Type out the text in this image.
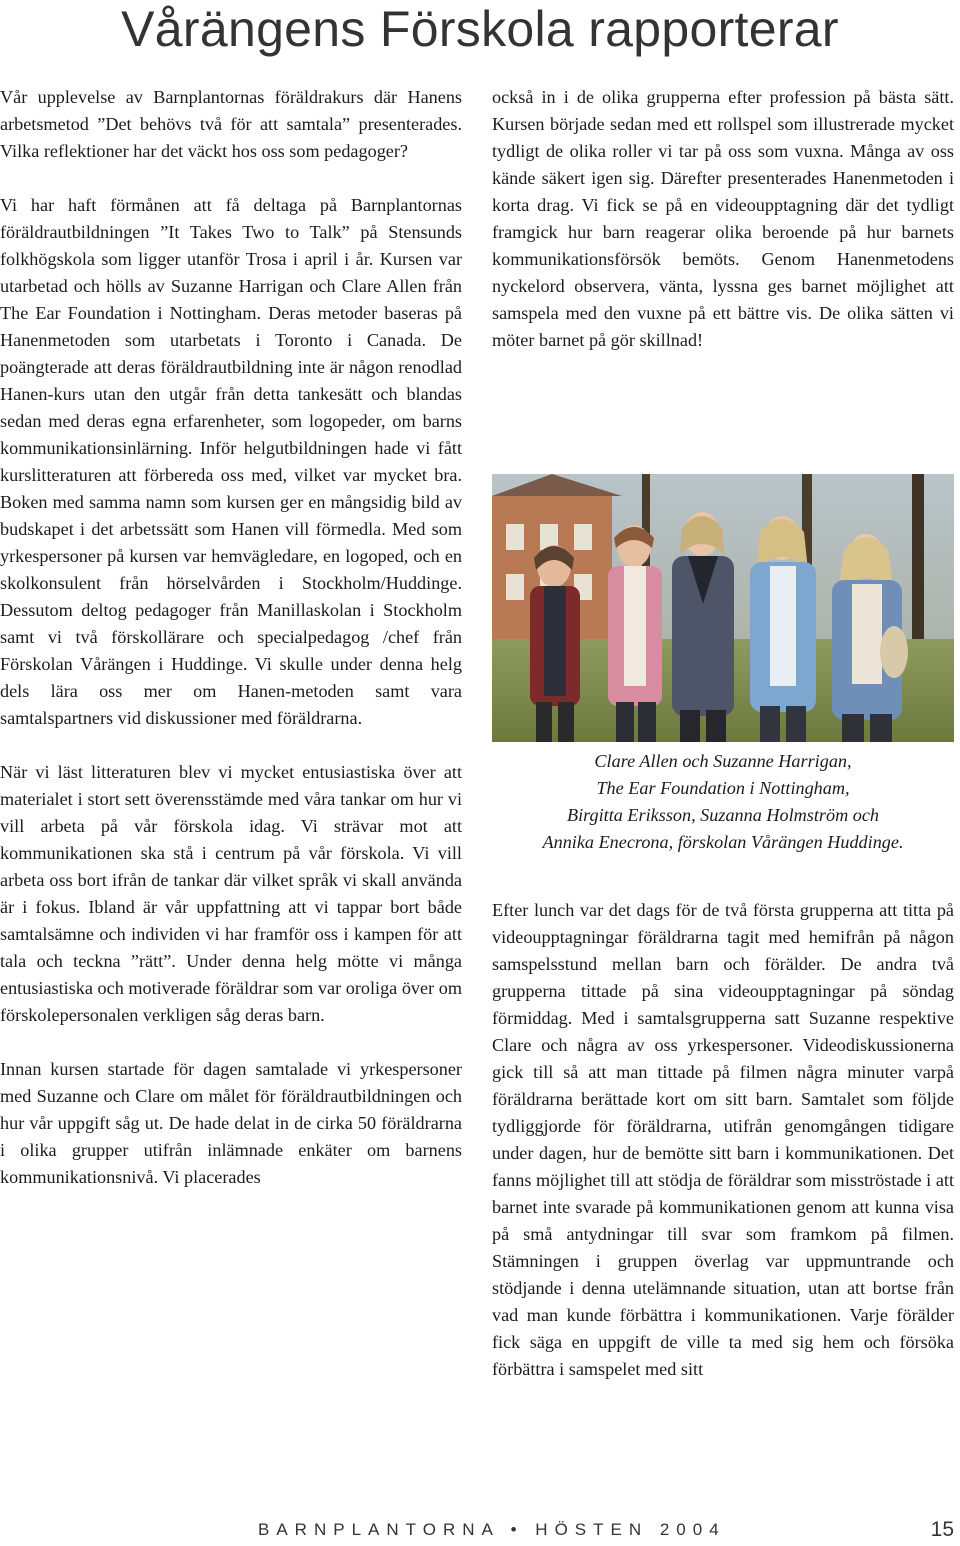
Vårängens Förskola rapporterar

Vår upplevelse av Barnplantornas föräldrakurs där Hanens arbetsmetod ”Det behövs två för att samtala” presenterades. Vilka reflektioner har det väckt hos oss som pedagoger?

Vi har haft förmånen att få deltaga på Barnplantornas föräldrautbildningen ”It Takes Two to Talk” på Stensunds folkhögskola som ligger utanför Trosa i april i år. Kursen var utarbetad och hölls av Suzanne Harrigan och Clare Allen från The Ear Foundation i Nottingham. Deras metoder baseras på Hanenmetoden som utarbetats i Toronto i Canada. De poängterade att deras föräldrautbildning inte är någon renodlad Hanen-kurs utan den utgår från detta tankesätt och blandas sedan med deras egna erfarenheter, som logopeder, om barns kommunikationsinlärning. Inför helgutbildningen hade vi fått kurslitteraturen att förbereda oss med, vilket var mycket bra. Boken med samma namn som kursen ger en mångsidig bild av budskapet i det arbetssätt som Hanen vill förmedla. Med som yrkespersoner på kursen var hemvägledare, en logoped, och en skolkonsulent från hörselvården i Stockholm/Huddinge. Dessutom deltog pedagoger från Manillaskolan i Stockholm samt vi två förskollärare och specialpedagog /chef från Förskolan Vårängen i Huddinge. Vi skulle under denna helg dels lära oss mer om Hanen-metoden samt vara samtalspartners vid diskussioner med föräldrarna.

När vi läst litteraturen blev vi mycket entusiastiska över att materialet i stort sett överensstämde med våra tankar om hur vi vill arbeta på vår förskola idag. Vi strävar mot att kommunikationen ska stå i centrum på vår förskola. Vi vill arbeta oss bort ifrån de tankar där vilket språk vi skall använda är i fokus. Ibland är vår uppfattning att vi tappar bort både samtalsämne och individen vi har framför oss i kampen för att tala och teckna ”rätt”. Under denna helg mötte vi många entusiastiska och motiverade föräldrar som var oroliga över om förskolepersonalen verkligen såg deras barn.

Innan kursen startade för dagen samtalade vi yrkespersoner med Suzanne och Clare om målet för föräldrautbildningen och hur vår uppgift såg ut. De hade delat in de cirka 50 föräldrarna i olika grupper utifrån inlämnade enkäter om barnens kommunikationsnivå. Vi placerades

också in i de olika grupperna efter profession på bästa sätt. Kursen började sedan med ett rollspel som illustrerade mycket tydligt de olika roller vi tar på oss som vuxna. Många av oss kände säkert igen sig. Därefter presenterades Hanenmetoden i korta drag. Vi fick se på en videoupptagning där det tydligt framgick hur barn reagerar olika beroende på hur barnets kommunikationsförsök bemöts. Genom Hanenmetodens nyckelord observera, vänta, lyssna ges barnet möjlighet att samspela med den vuxne på ett bättre vis. De olika sätten vi möter barnet på gör skillnad!

Clare Allen och Suzanne Harrigan,
The Ear Foundation i Nottingham,
Birgitta Eriksson, Suzanna Holmström och
Annika Enecrona, förskolan Vårängen Huddinge.

Efter lunch var det dags för de två första grupperna att titta på videoupptagningar föräldrarna tagit med hemifrån på någon samspelsstund mellan barn och förälder. De andra två grupperna tittade på sina videoupptagningar på söndag förmiddag. Med i samtalsgrupperna satt Suzanne respektive Clare och några av oss yrkespersoner. Videodiskussionerna gick till så att man tittade på filmen några minuter varpå föräldrarna berättade kort om sitt barn. Samtalet som följde tydliggjorde för föräldrarna, utifrån genomgången tidigare under dagen, hur de bemötte sitt barn i kommunikationen. Det fanns möjlighet till att stödja de föräldrar som misströstade i att barnet inte svarade på kommunikationen genom att kunna visa på små antydningar till svar som framkom på filmen. Stämningen i gruppen överlag var uppmuntrande och stödjande i denna utelämnande situation, utan att bortse från vad man kunde förbättra i kommunikationen. Varje förälder fick säga en uppgift de ville ta med sig hem och försöka förbättra i samspelet med sitt

BARNPLANTORNA • HÖSTEN 2004	15
